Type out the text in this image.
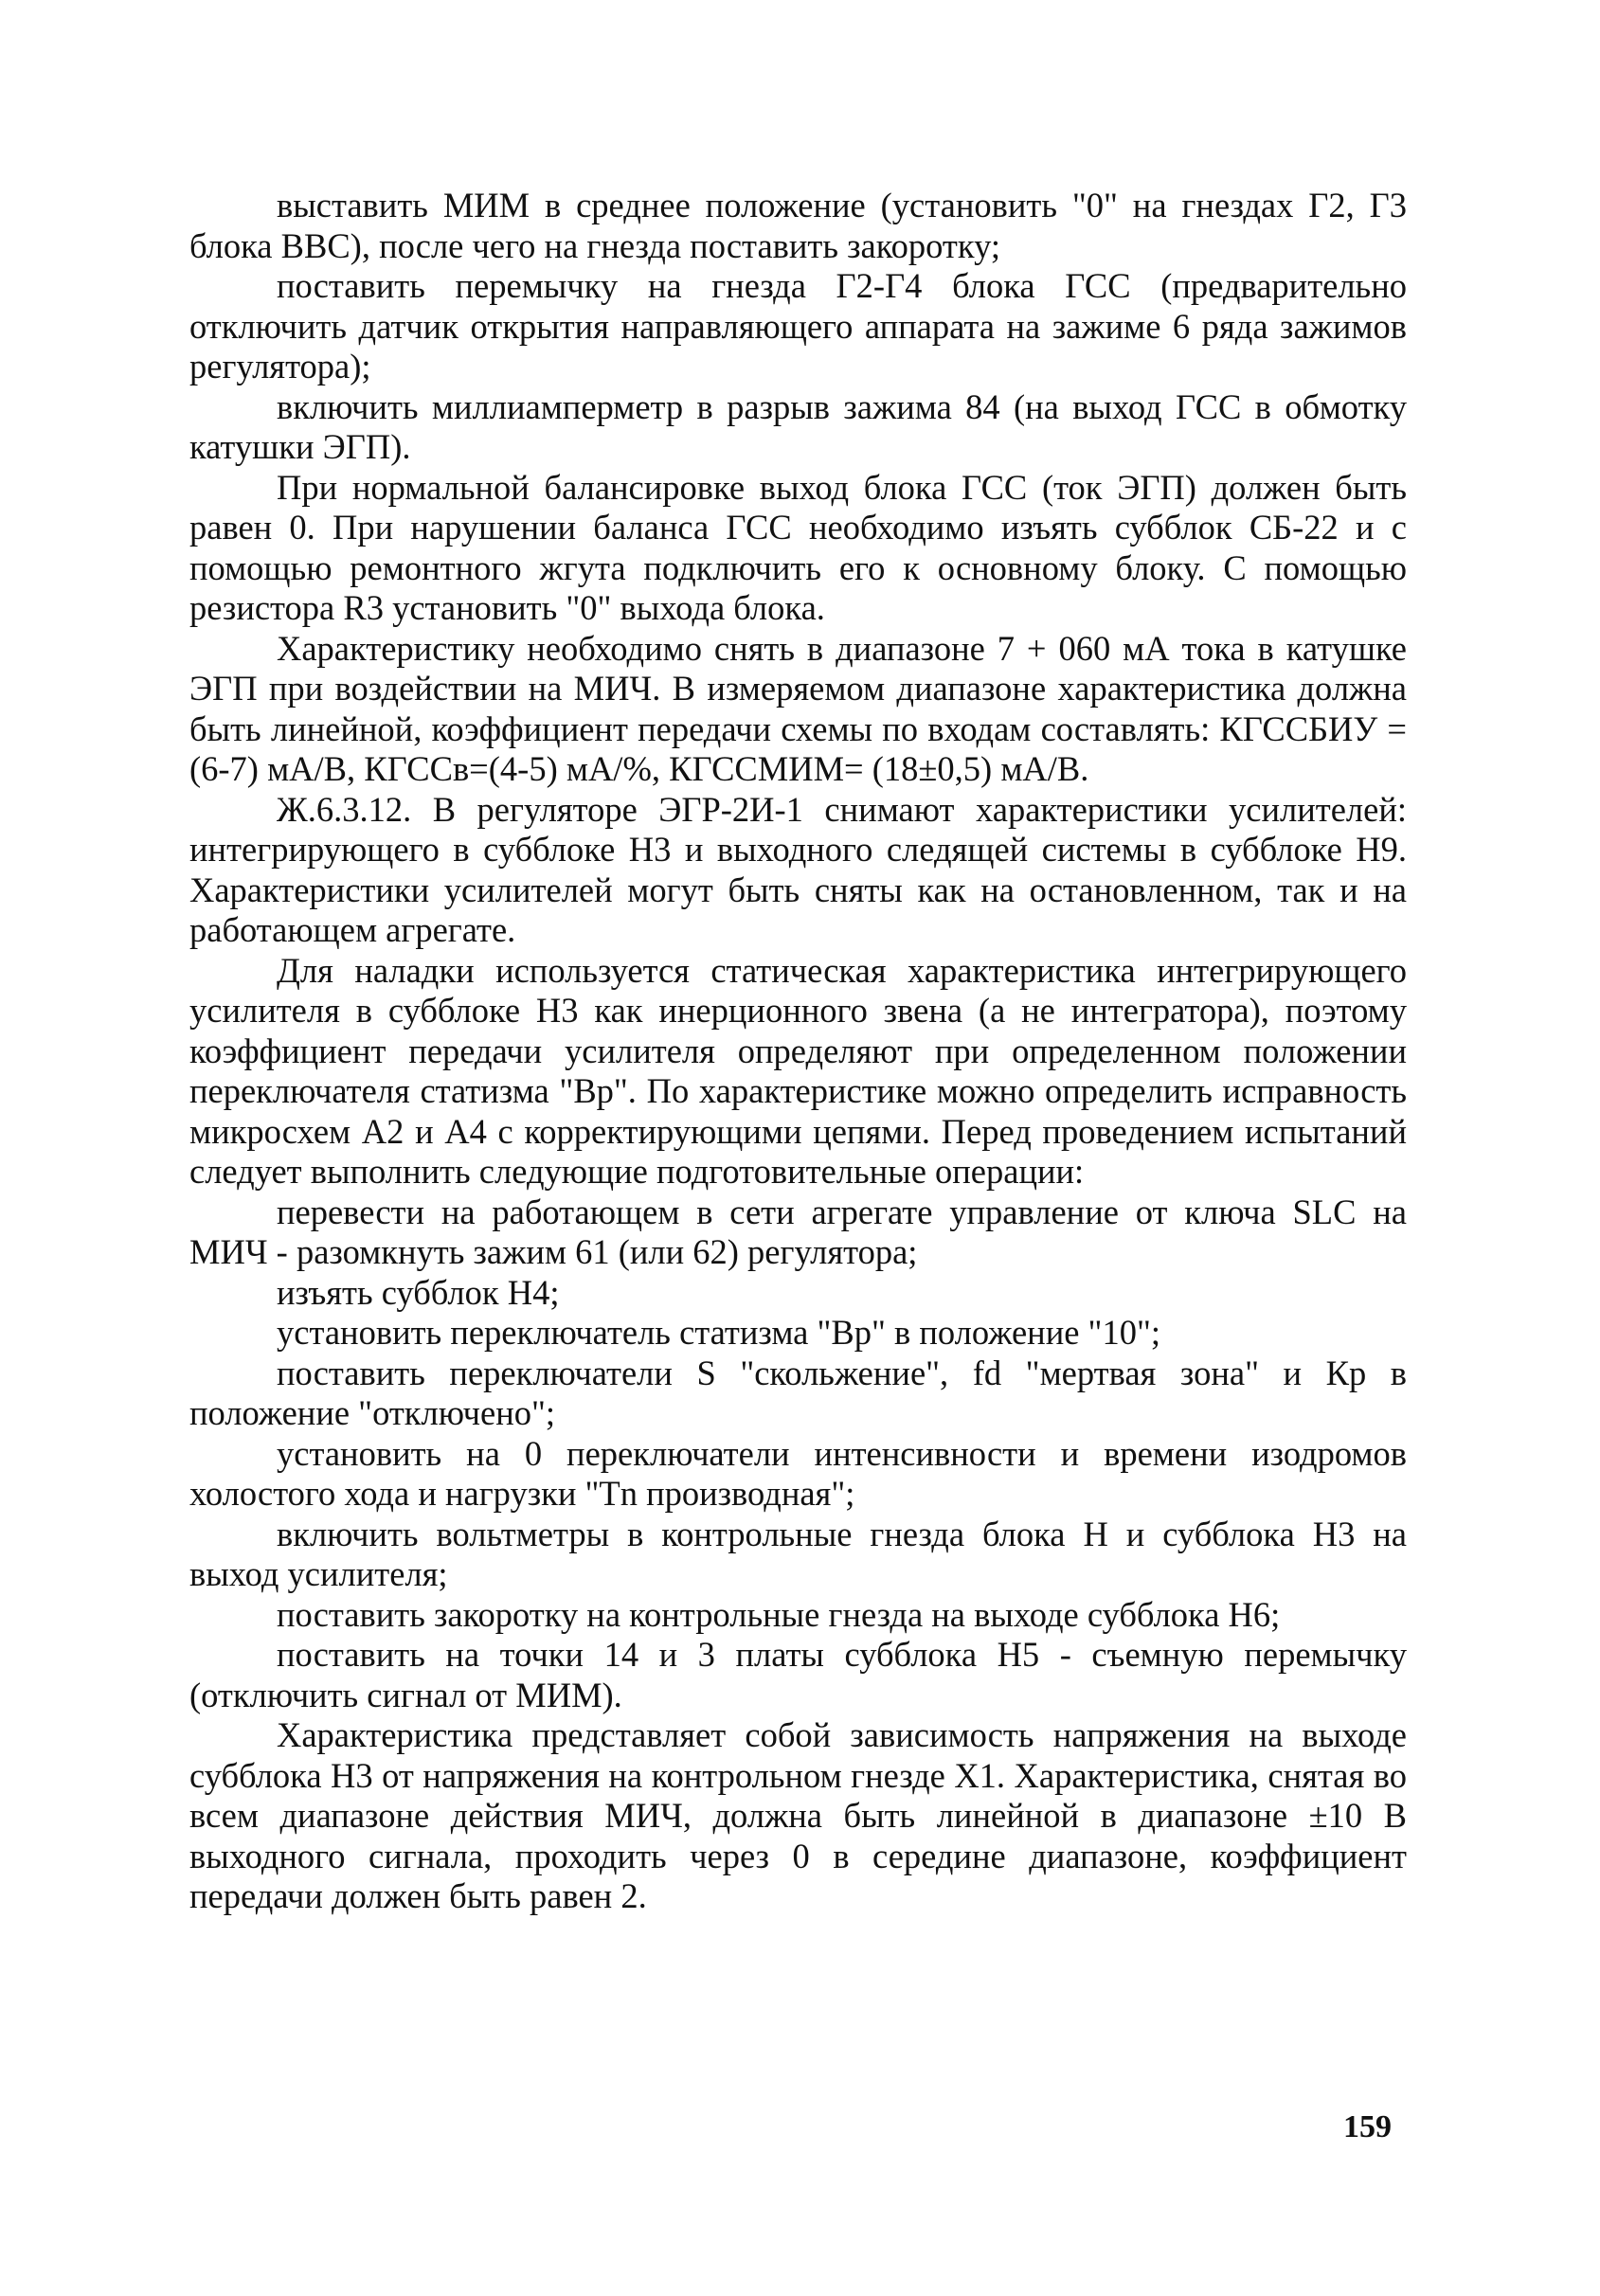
выставить МИМ в среднее положение (установить "0" на гнездах Г2, Г3 блока ВВС), после чего на гнезда поставить закоротку;

поставить перемычку на гнезда Г2-Г4 блока ГСС (предварительно отключить датчик открытия направляющего аппарата на зажиме 6 ряда зажимов регулятора);

включить миллиамперметр в разрыв зажима 84 (на выход ГСС в обмотку катушки ЭГП).

При нормальной балансировке выход блока ГСС (ток ЭГП) должен быть равен 0. При нарушении баланса ГСС необходимо изъять субблок СБ-22 и с помощью ремонтного жгута подключить его к основному блоку. С помощью резистора R3 установить "0" выхода блока.

Характеристику необходимо снять в диапазоне 7 + 060 мА тока в катушке ЭГП при воздействии на МИЧ. В измеряемом диапазоне характеристика должна быть линейной, коэффициент передачи схемы по входам составлять: КГССБИУ = (6-7) мА/В, КГССв=(4-5) мА/%, КГССМИМ= (18±0,5) мА/В.

Ж.6.3.12. В регуляторе ЭГР-2И-1 снимают характеристики усилителей: интегрирующего в субблоке Н3 и выходного следящей системы в субблоке Н9. Характеристики усилителей могут быть сняты как на остановленном, так и на работающем агрегате.

Для наладки используется статическая характеристика интегрирующего усилителя в субблоке Н3 как инерционного звена (а не интегратора), поэтому коэффициент передачи усилителя определяют при определенном положении переключателя статизма "Вр". По характеристике можно определить исправность микросхем А2 и А4 с корректирующими цепями. Перед проведением испытаний следует выполнить следующие подготовительные операции:

перевести на работающем в сети агрегате управление от ключа SLC на МИЧ - разомкнуть зажим 61 (или 62) регулятора;

изъять субблок Н4;

установить переключатель статизма "Вр" в положение "10";

поставить переключатели S "скольжение", fd "мертвая зона" и Кр в положение "отключено";

установить на 0 переключатели интенсивности и времени изодромов холостого хода и нагрузки "Тn производная";

включить вольтметры в контрольные гнезда блока Н и субблока Н3 на выход усилителя;

поставить закоротку на контрольные гнезда на выходе субблока Н6;

поставить на точки 14 и 3 платы субблока Н5 - съемную перемычку (отключить сигнал от МИМ).

Характеристика представляет собой зависимость напряжения на выходе субблока Н3 от напряжения на контрольном гнезде Х1. Характеристика, снятая во всем диапазоне действия МИЧ, должна быть линейной в диапазоне ±10 В выходного сигнала, проходить через 0 в середине диапазоне, коэффициент передачи должен быть равен 2.

159
